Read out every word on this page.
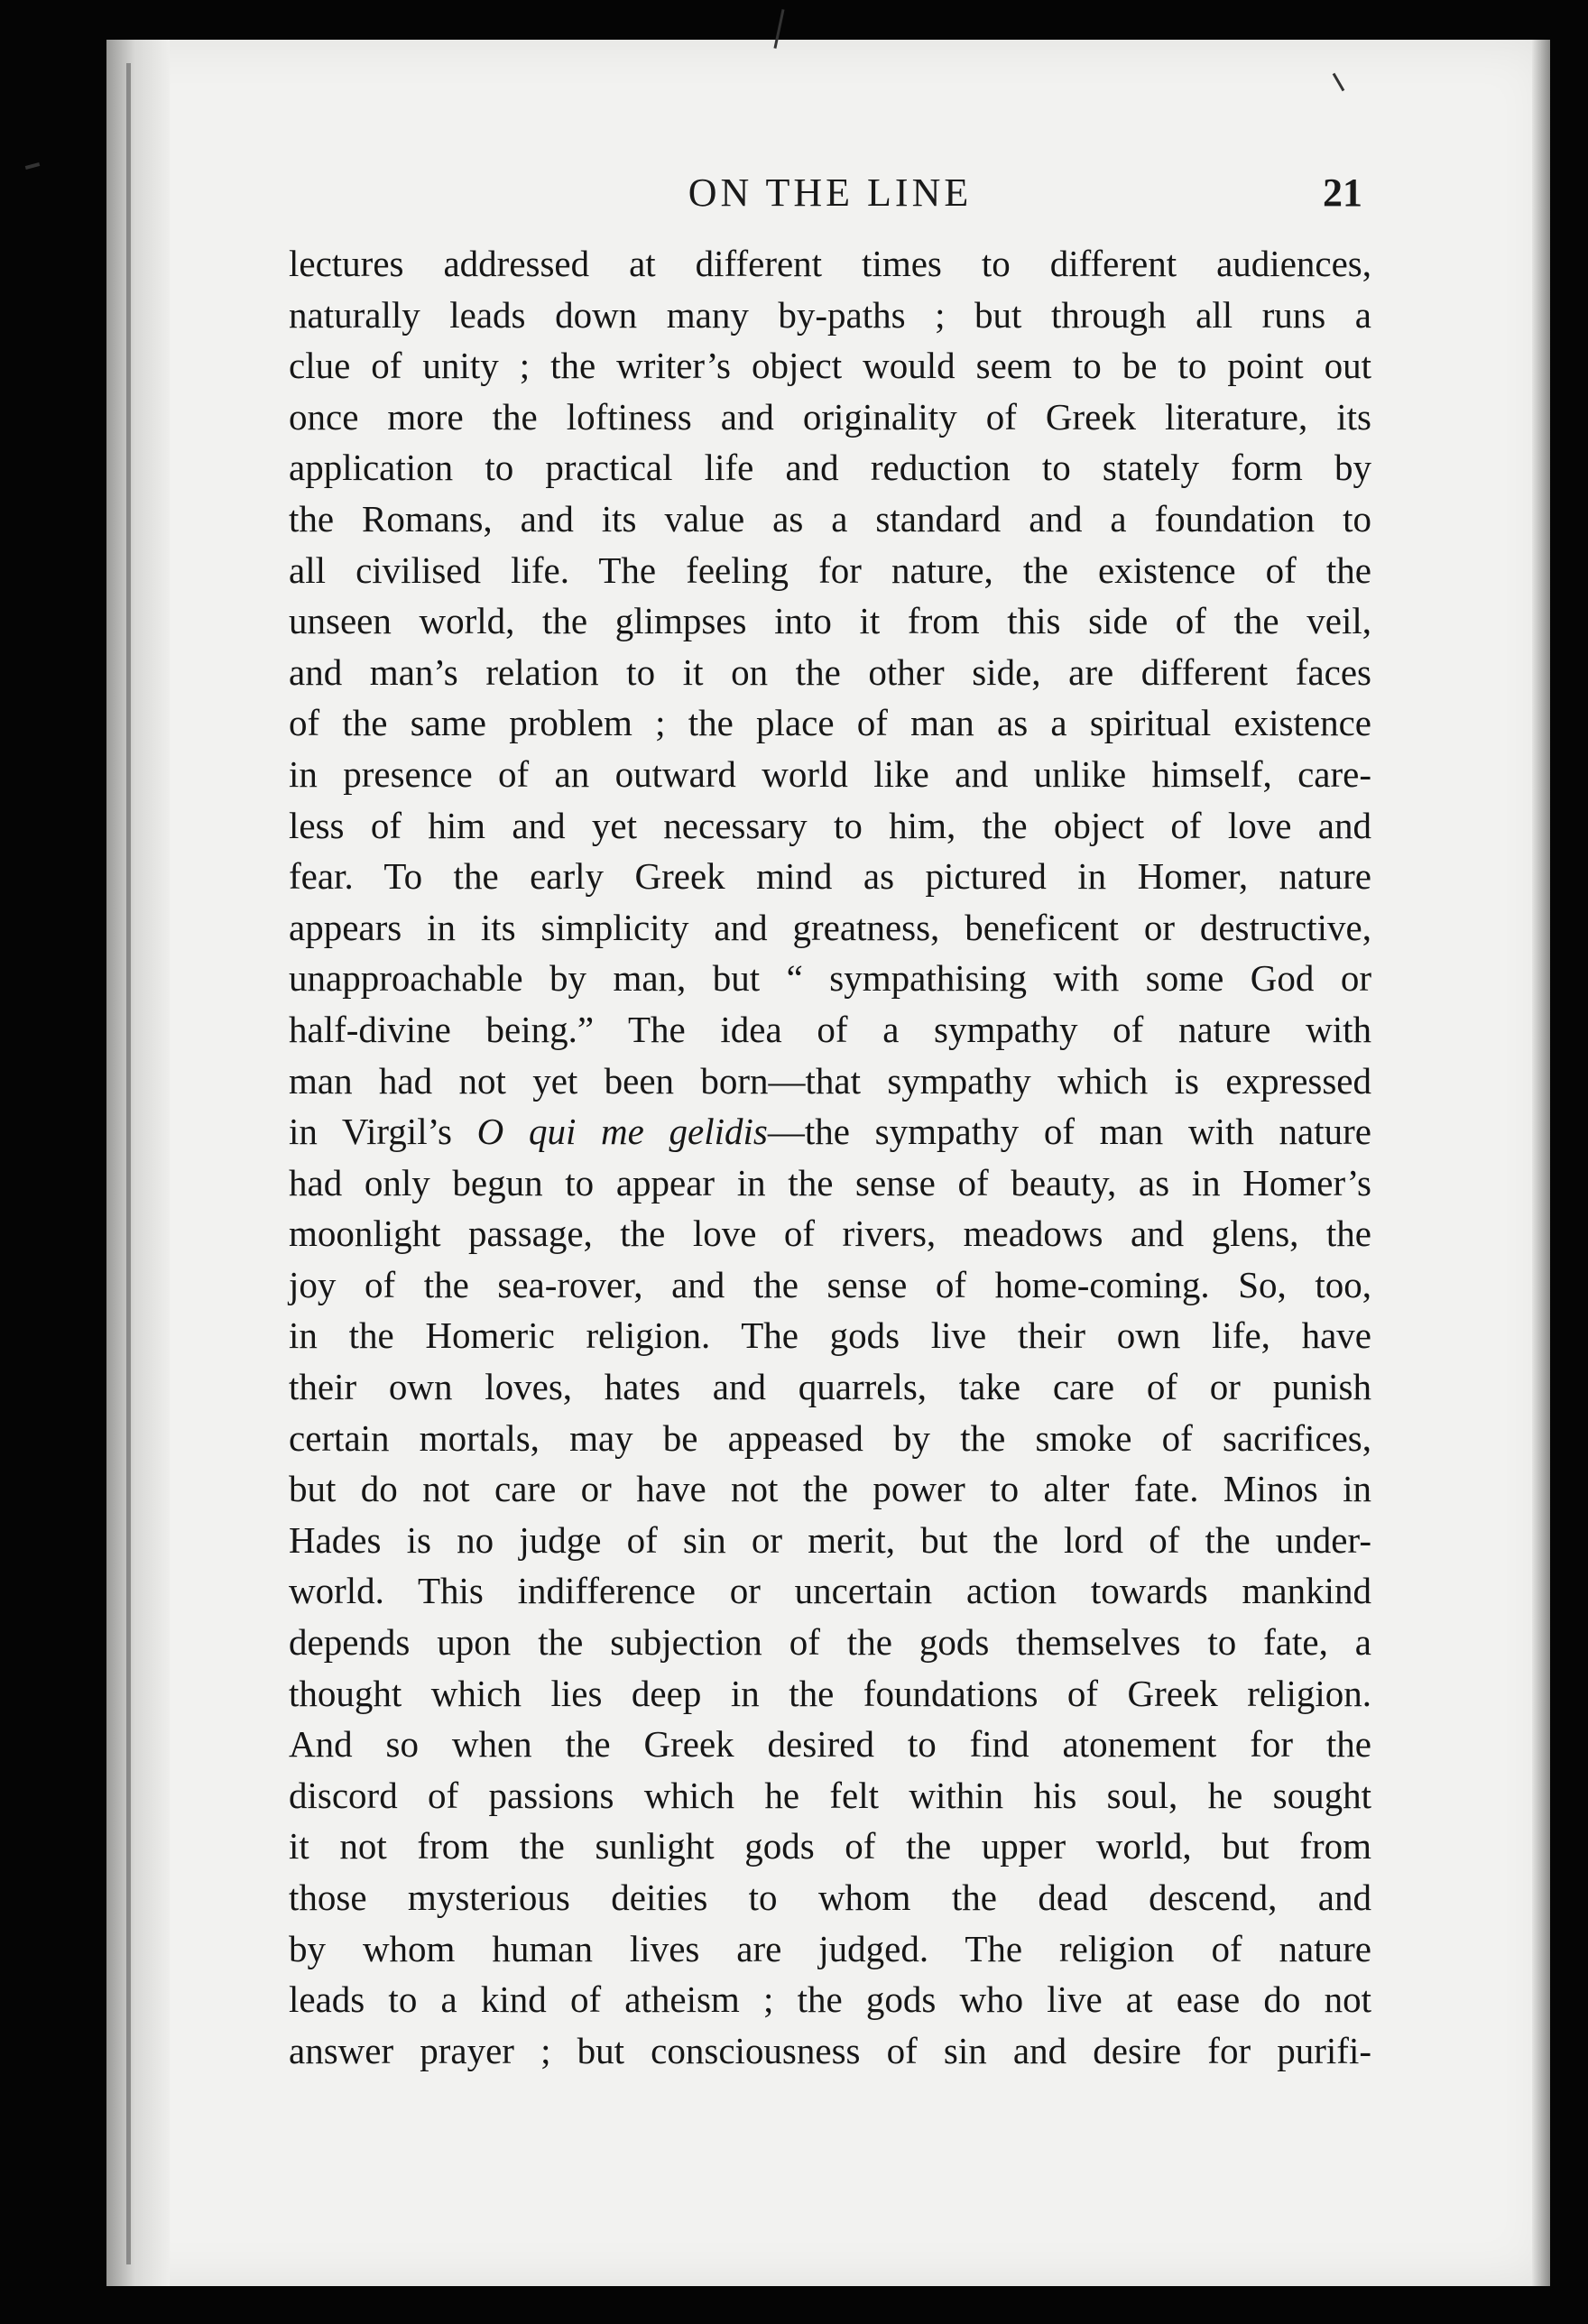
ON THE LINE	21
lectures addressed at different times to different audiences,
naturally leads down many by-paths ; but through all runs a
clue of unity ; the writer’s object would seem to be to point out
once more the loftiness and originality of Greek literature, its
application to practical life and reduction to stately form by
the Romans, and its value as a standard and a foundation to
all civilised life. The feeling for nature, the existence of the
unseen world, the glimpses into it from this side of the veil,
and man’s relation to it on the other side, are different faces
of the same problem ; the place of man as a spiritual existence
in presence of an outward world like and unlike himself, care-
less of him and yet necessary to him, the object of love and
fear. To the early Greek mind as pictured in Homer, nature
appears in its simplicity and greatness, beneficent or destructive,
unapproachable by man, but “ sympathising with some God or
half-divine being.” The idea of a sympathy of nature with
man had not yet been born—that sympathy which is expressed
in Virgil’s O qui me gelidis—the sympathy of man with nature
had only begun to appear in the sense of beauty, as in Homer’s
moonlight passage, the love of rivers, meadows and glens, the
joy of the sea-rover, and the sense of home-coming. So, too,
in the Homeric religion. The gods live their own life, have
their own loves, hates and quarrels, take care of or punish
certain mortals, may be appeased by the smoke of sacrifices,
but do not care or have not the power to alter fate. Minos in
Hades is no judge of sin or merit, but the lord of the under-
world. This indifference or uncertain action towards mankind
depends upon the subjection of the gods themselves to fate, a
thought which lies deep in the foundations of Greek religion.
And so when the Greek desired to find atonement for the
discord of passions which he felt within his soul, he sought
it not from the sunlight gods of the upper world, but from
those mysterious deities to whom the dead descend, and
by whom human lives are judged. The religion of nature
leads to a kind of atheism ; the gods who live at ease do not
answer prayer ; but consciousness of sin and desire for purifi-
